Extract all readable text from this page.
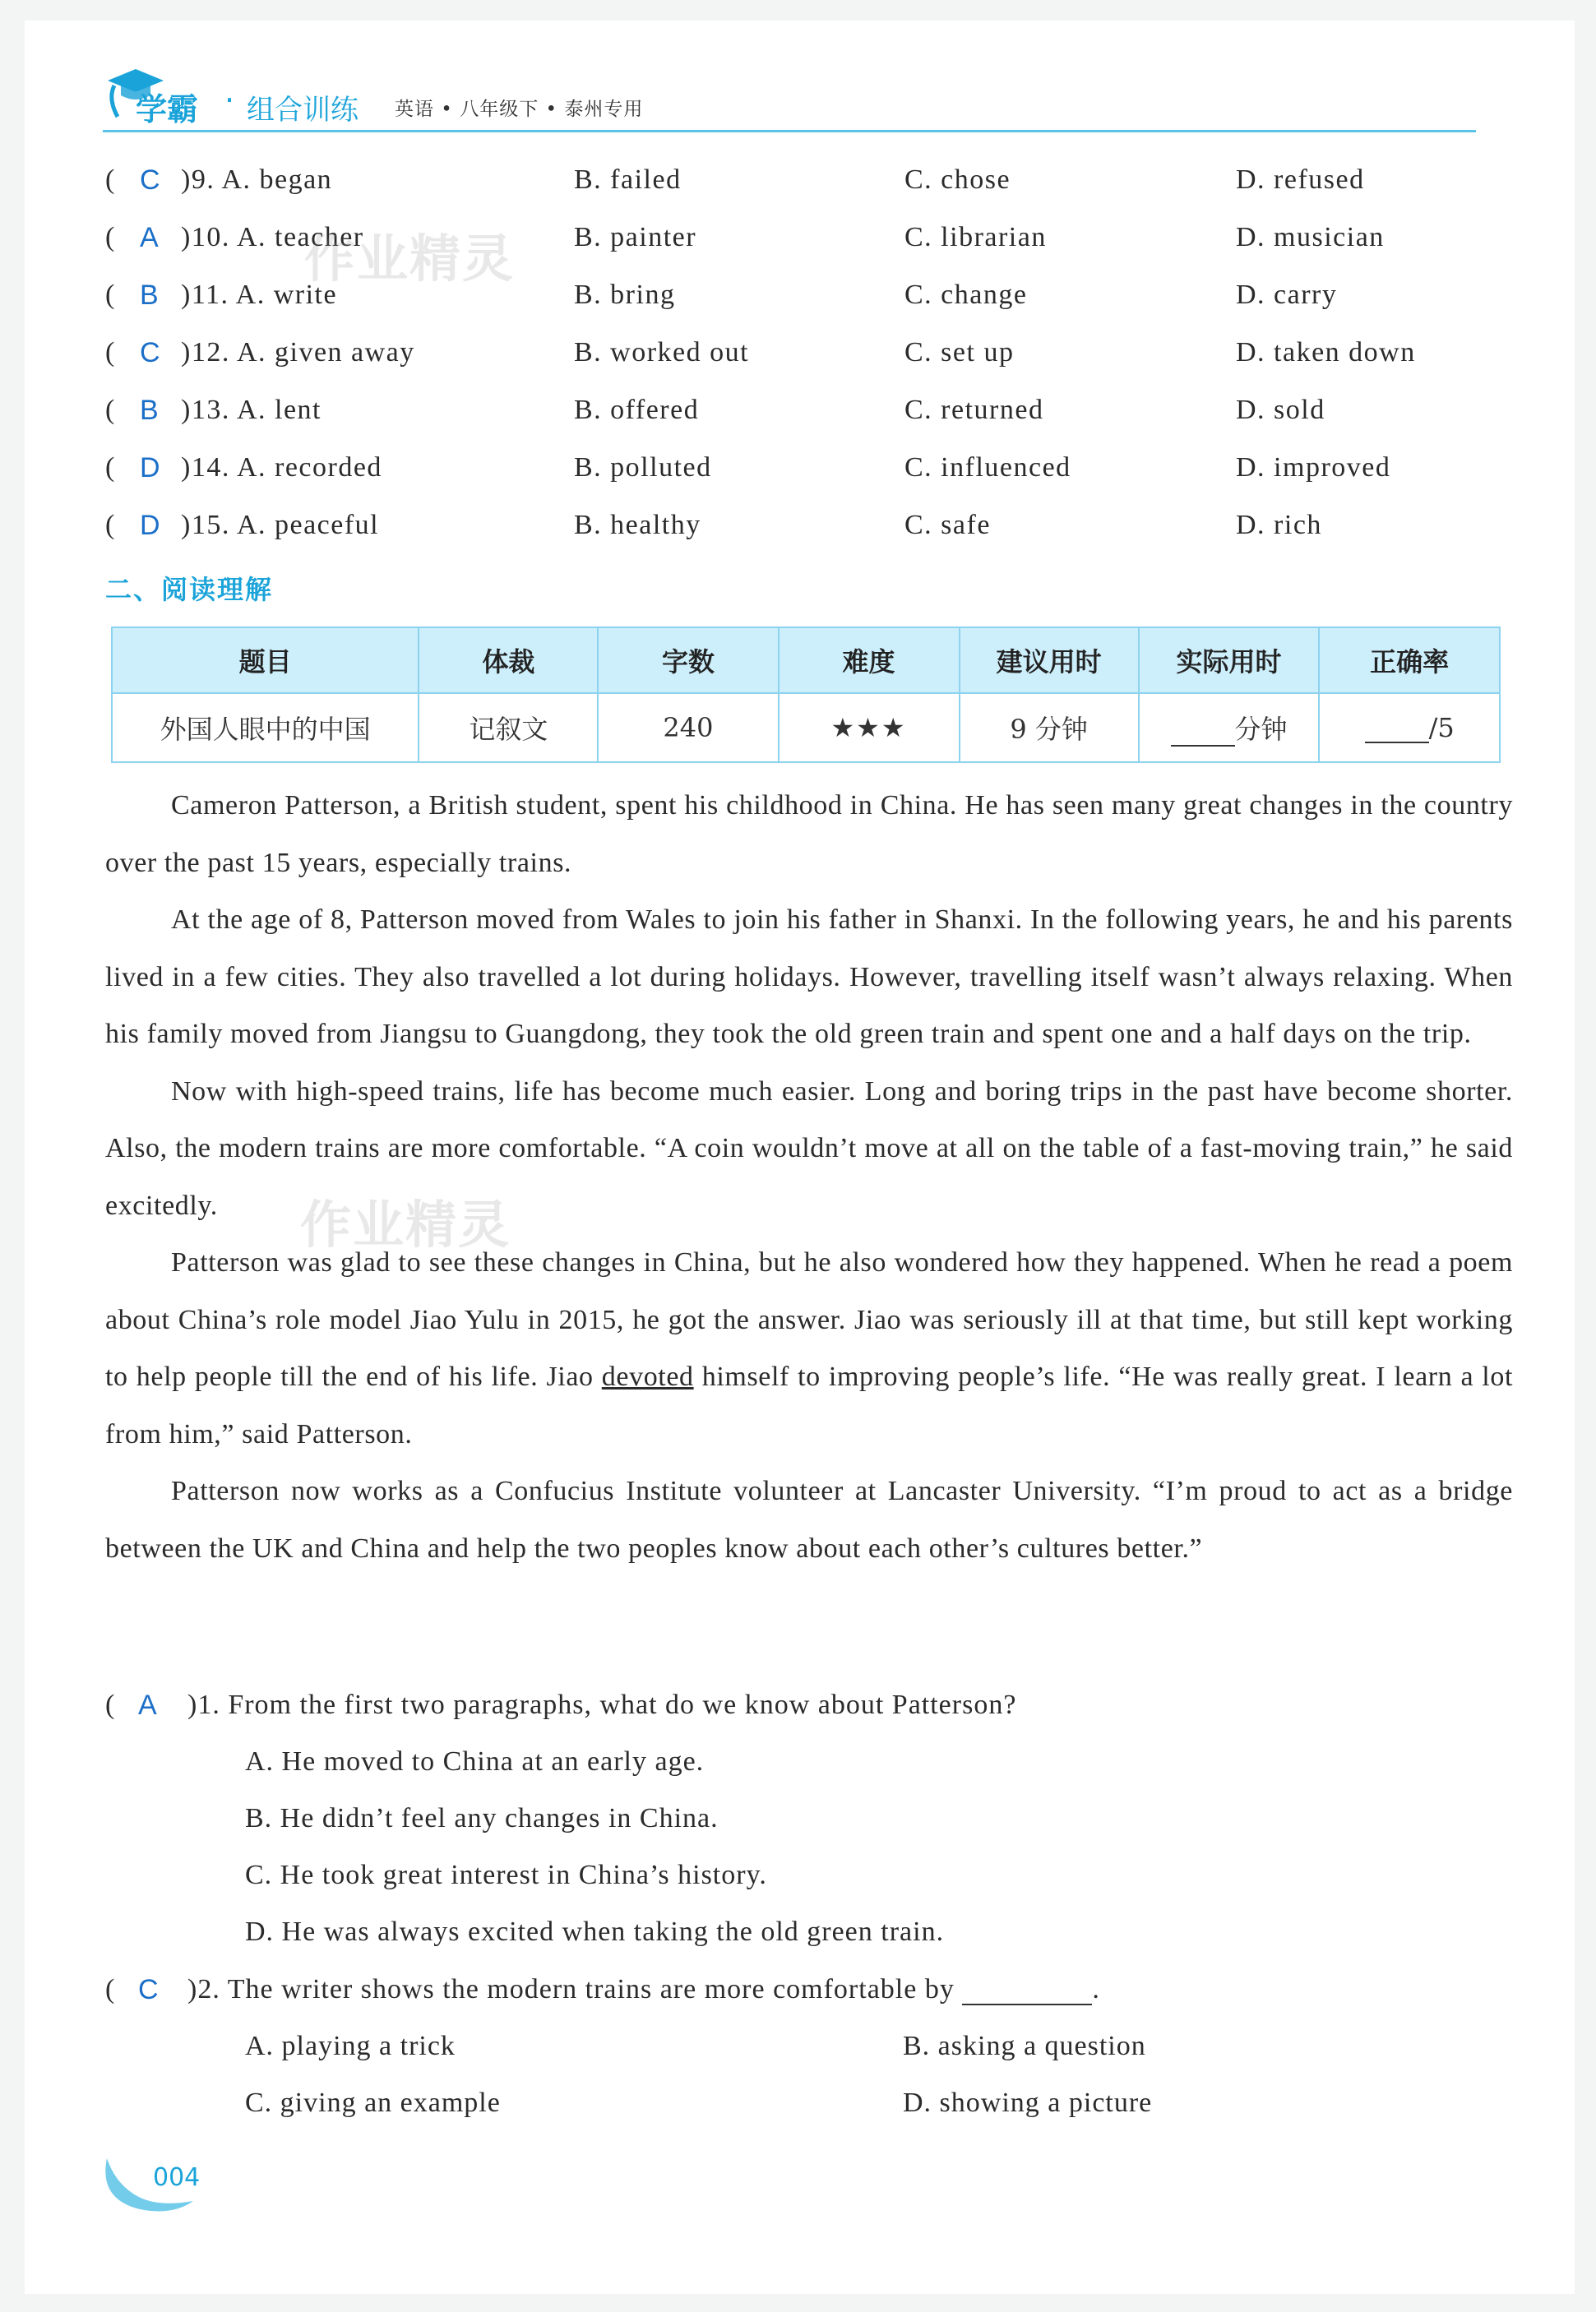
学霸 · 组合训练 英语 • 八年级下 • 泰州专用
( C )9. A. began	B. failed	C. chose	D. refused
( A )10. A. teacher	B. painter	C. librarian	D. musician
( B )11. A. write	B. bring	C. change	D. carry
( C )12. A. given away	B. worked out	C. set up	D. taken down
( B )13. A. lent	B. offered	C. returned	D. sold
( D )14. A. recorded	B. polluted	C. influenced	D. improved
( D )15. A. peaceful	B. healthy	C. safe	D. rich
二、阅读理解
题目	体裁	字数	难度	建议用时	实际用时	正确率
外国人眼中的中国	记叙文	240	★★★	9 分钟	分钟	/5

Cameron Patterson, a British student, spent his childhood in China. He has seen many great changes in the country over the past 15 years, especially trains.

At the age of 8, Patterson moved from Wales to join his father in Shanxi. In the following years, he and his parents lived in a few cities. They also travelled a lot during holidays. However, travelling itself wasn’t always relaxing. When his family moved from Jiangsu to Guangdong, they took the old green train and spent one and a half days on the trip.

Now with high-speed trains, life has become much easier. Long and boring trips in the past have become shorter. Also, the modern trains are more comfortable. “A coin wouldn’t move at all on the table of a fast-moving train,” he said excitedly.

Patterson was glad to see these changes in China, but he also wondered how they happened. When he read a poem about China’s role model Jiao Yulu in 2015, he got the answer. Jiao was seriously ill at that time, but still kept working to help people till the end of his life. Jiao devoted himself to improving people’s life. “He was really great. I learn a lot from him,” said Patterson.

Patterson now works as a Confucius Institute volunteer at Lancaster University. “I’m proud to act as a bridge between the UK and China and help the two peoples know about each other’s cultures better.”

( A )1. From the first two paragraphs, what do we know about Patterson?
A. He moved to China at an early age.
B. He didn’t feel any changes in China.
C. He took great interest in China’s history.
D. He was always excited when taking the old green train.
( C )2. The writer shows the modern trains are more comfortable by	.
A. playing a trick	B. asking a question
C. giving an example	D. showing a picture
作业精灵
作业精灵
004
